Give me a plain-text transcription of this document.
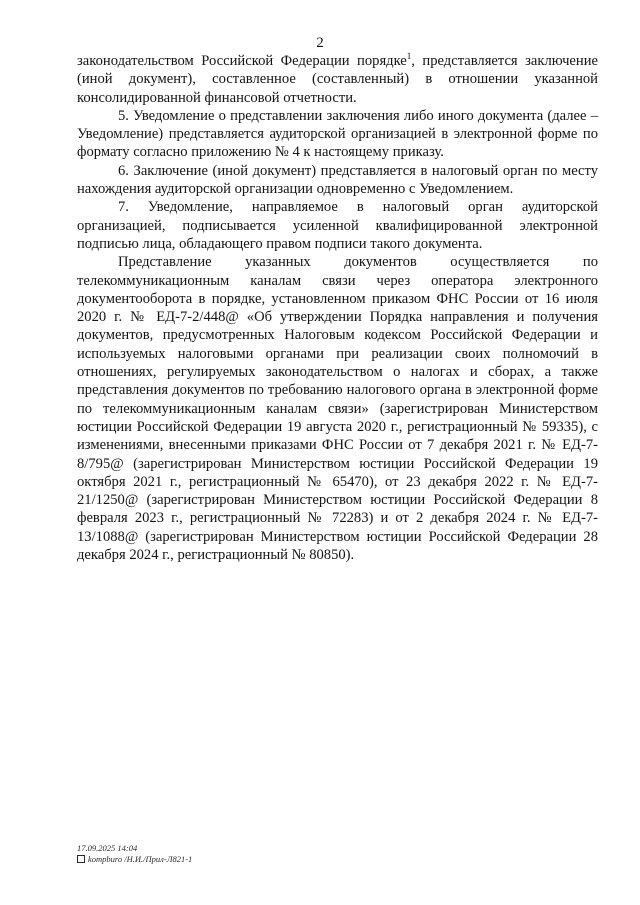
2

законодательством Российской Федерации порядке$^1$, представляется заключение (иной документ), составленное (составленный) в отношении указанной консолидированной финансовой отчетности.

5. Уведомление о представлении заключения либо иного документа (далее – Уведомление) представляется аудиторской организацией в электронной форме по формату согласно приложению № 4 к настоящему приказу.

6. Заключение (иной документ) представляется в налоговый орган по месту нахождения аудиторской организации одновременно с Уведомлением.

7. Уведомление, направляемое в налоговый орган аудиторской организацией, подписывается усиленной квалифицированной электронной подписью лица, обладающего правом подписи такого документа.

Представление указанных документов осуществляется по телекоммуникационным каналам связи через оператора электронного документооборота в порядке, установленном приказом ФНС России от 16 июля 2020 г. № ЕД-7-2/448@ «Об утверждении Порядка направления и получения документов, предусмотренных Налоговым кодексом Российской Федерации и используемых налоговыми органами при реализации своих полномочий в отношениях, регулируемых законодательством о налогах и сборах, а также представления документов по требованию налогового органа в электронной форме по телекоммуникационным каналам связи» (зарегистрирован Министерством юстиции Российской Федерации 19 августа 2020 г., регистрационный № 59335), с изменениями, внесенными приказами ФНС России от 7 декабря 2021 г. № ЕД-7-8/795@ (зарегистрирован Министерством юстиции Российской Федерации 19 октября 2021 г., регистрационный № 65470), от 23 декабря 2022 г. № ЕД-7-21/1250@ (зарегистрирован Министерством юстиции Российской Федерации 8 февраля 2023 г., регистрационный № 72283) и от 2 декабря 2024 г. № ЕД-7-13/1088@ (зарегистрирован Министерством юстиции Российской Федерации 28 декабря 2024 г., регистрационный № 80850).

17.09.2025 14:04
kompburo /Н.И./Прил-Л821-1
